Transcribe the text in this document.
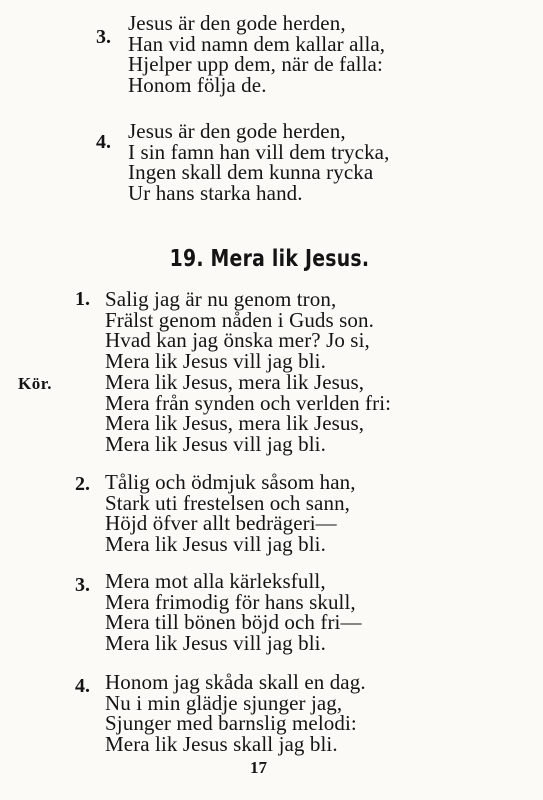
3.
Jesus är den gode herden,
Han vid namn dem kallar alla,
Hjelper upp dem, när de falla:
Honom följa de.
4. Jesus är den gode herden,
I sin famn han vill dem trycka,
Ingen skall dem kunna rycka
Ur hans starka hand.
19. Mera lik Jesus.
1. Salig jag är nu genom tron,
Frälst genom nåden i Guds son.
Hvad kan jag önska mer? Jo si,
Mera lik Jesus vill jag bli.
Kör.	Mera lik Jesus, mera lik Jesus,
Mera från synden och verlden fri:
Mera lik Jesus, mera lik Jesus,
Mera lik Jesus vill jag bli.
2. Tålig och ödmjuk såsom han,
Stark uti frestelsen och sann,
Höjd öfver allt bedrägeri—
Mera lik Jesus vill jag bli.
3. Mera mot alla kärleksfull,
Mera frimodig för hans skull,
Mera till bönen böjd och fri—
Mera lik Jesus vill jag bli.
4. Honom jag skåda skall en dag.
Nu i min glädje sjunger jag,
Sjunger med barnslig melodi:
Mera lik Jesus skall jag bli.
17
